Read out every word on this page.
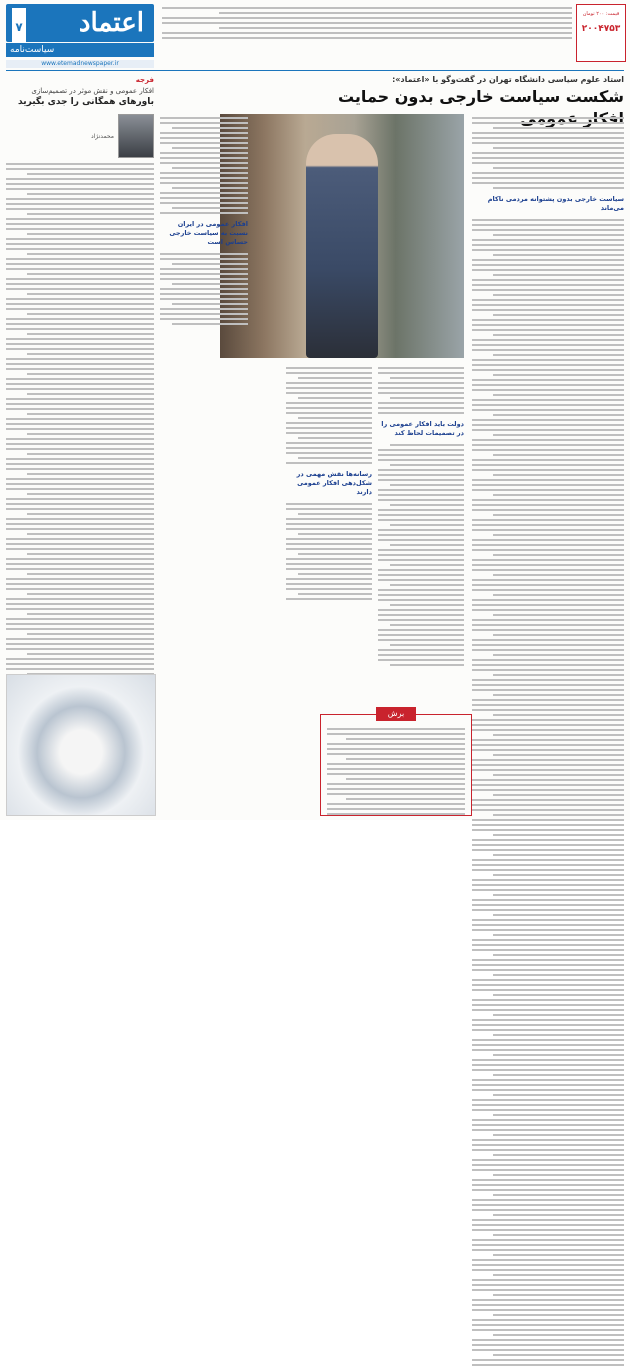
۷ اعتماد
سیاست‌نامه
www.etemadnewspaper.ir
قیمت: ۲۰۰ تومان
۲۰۰۴۷۵۳
فرجه
افکار عمومی و نقش موثر در تصمیم‌سازی
باورهای همگانی را جدی بگیرید
محمدنژاد
استاد علوم سیاسی دانشگاه تهران در گفت‌وگو با «اعتماد»:
شکست سیاست خارجی بدون حمایت
افکار عمومی در ایران نسبت به سیاست خارجی حساس است
سیاست خارجی بدون پشتوانه مردمی ناکام می‌ماند
دولت باید افکار عمومی را در تصمیمات لحاظ کند
رسانه‌ها نقش مهمی در شکل‌دهی افکار عمومی دارند
برش
